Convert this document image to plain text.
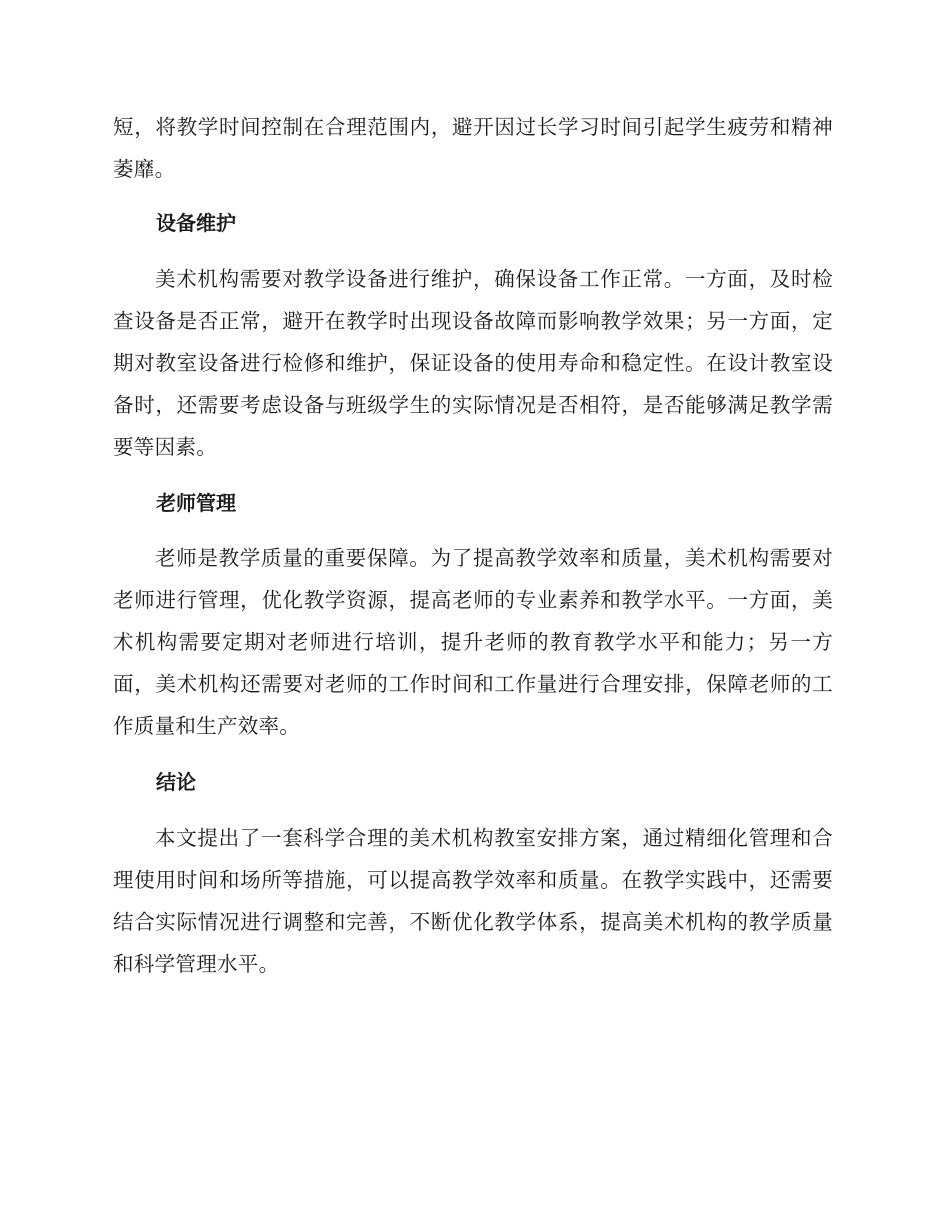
短，将教学时间控制在合理范围内，避开因过长学习时间引起学生疲劳和精神萎靡。

设备维护

美术机构需要对教学设备进行维护，确保设备工作正常。一方面，及时检查设备是否正常，避开在教学时出现设备故障而影响教学效果；另一方面，定期对教室设备进行检修和维护，保证设备的使用寿命和稳定性。在设计教室设备时，还需要考虑设备与班级学生的实际情况是否相符，是否能够满足教学需要等因素。

老师管理

老师是教学质量的重要保障。为了提高教学效率和质量，美术机构需要对老师进行管理，优化教学资源，提高老师的专业素养和教学水平。一方面，美术机构需要定期对老师进行培训，提升老师的教育教学水平和能力；另一方面，美术机构还需要对老师的工作时间和工作量进行合理安排，保障老师的工作质量和生产效率。

结论

本文提出了一套科学合理的美术机构教室安排方案，通过精细化管理和合理使用时间和场所等措施，可以提高教学效率和质量。在教学实践中，还需要结合实际情况进行调整和完善，不断优化教学体系，提高美术机构的教学质量和科学管理水平。
